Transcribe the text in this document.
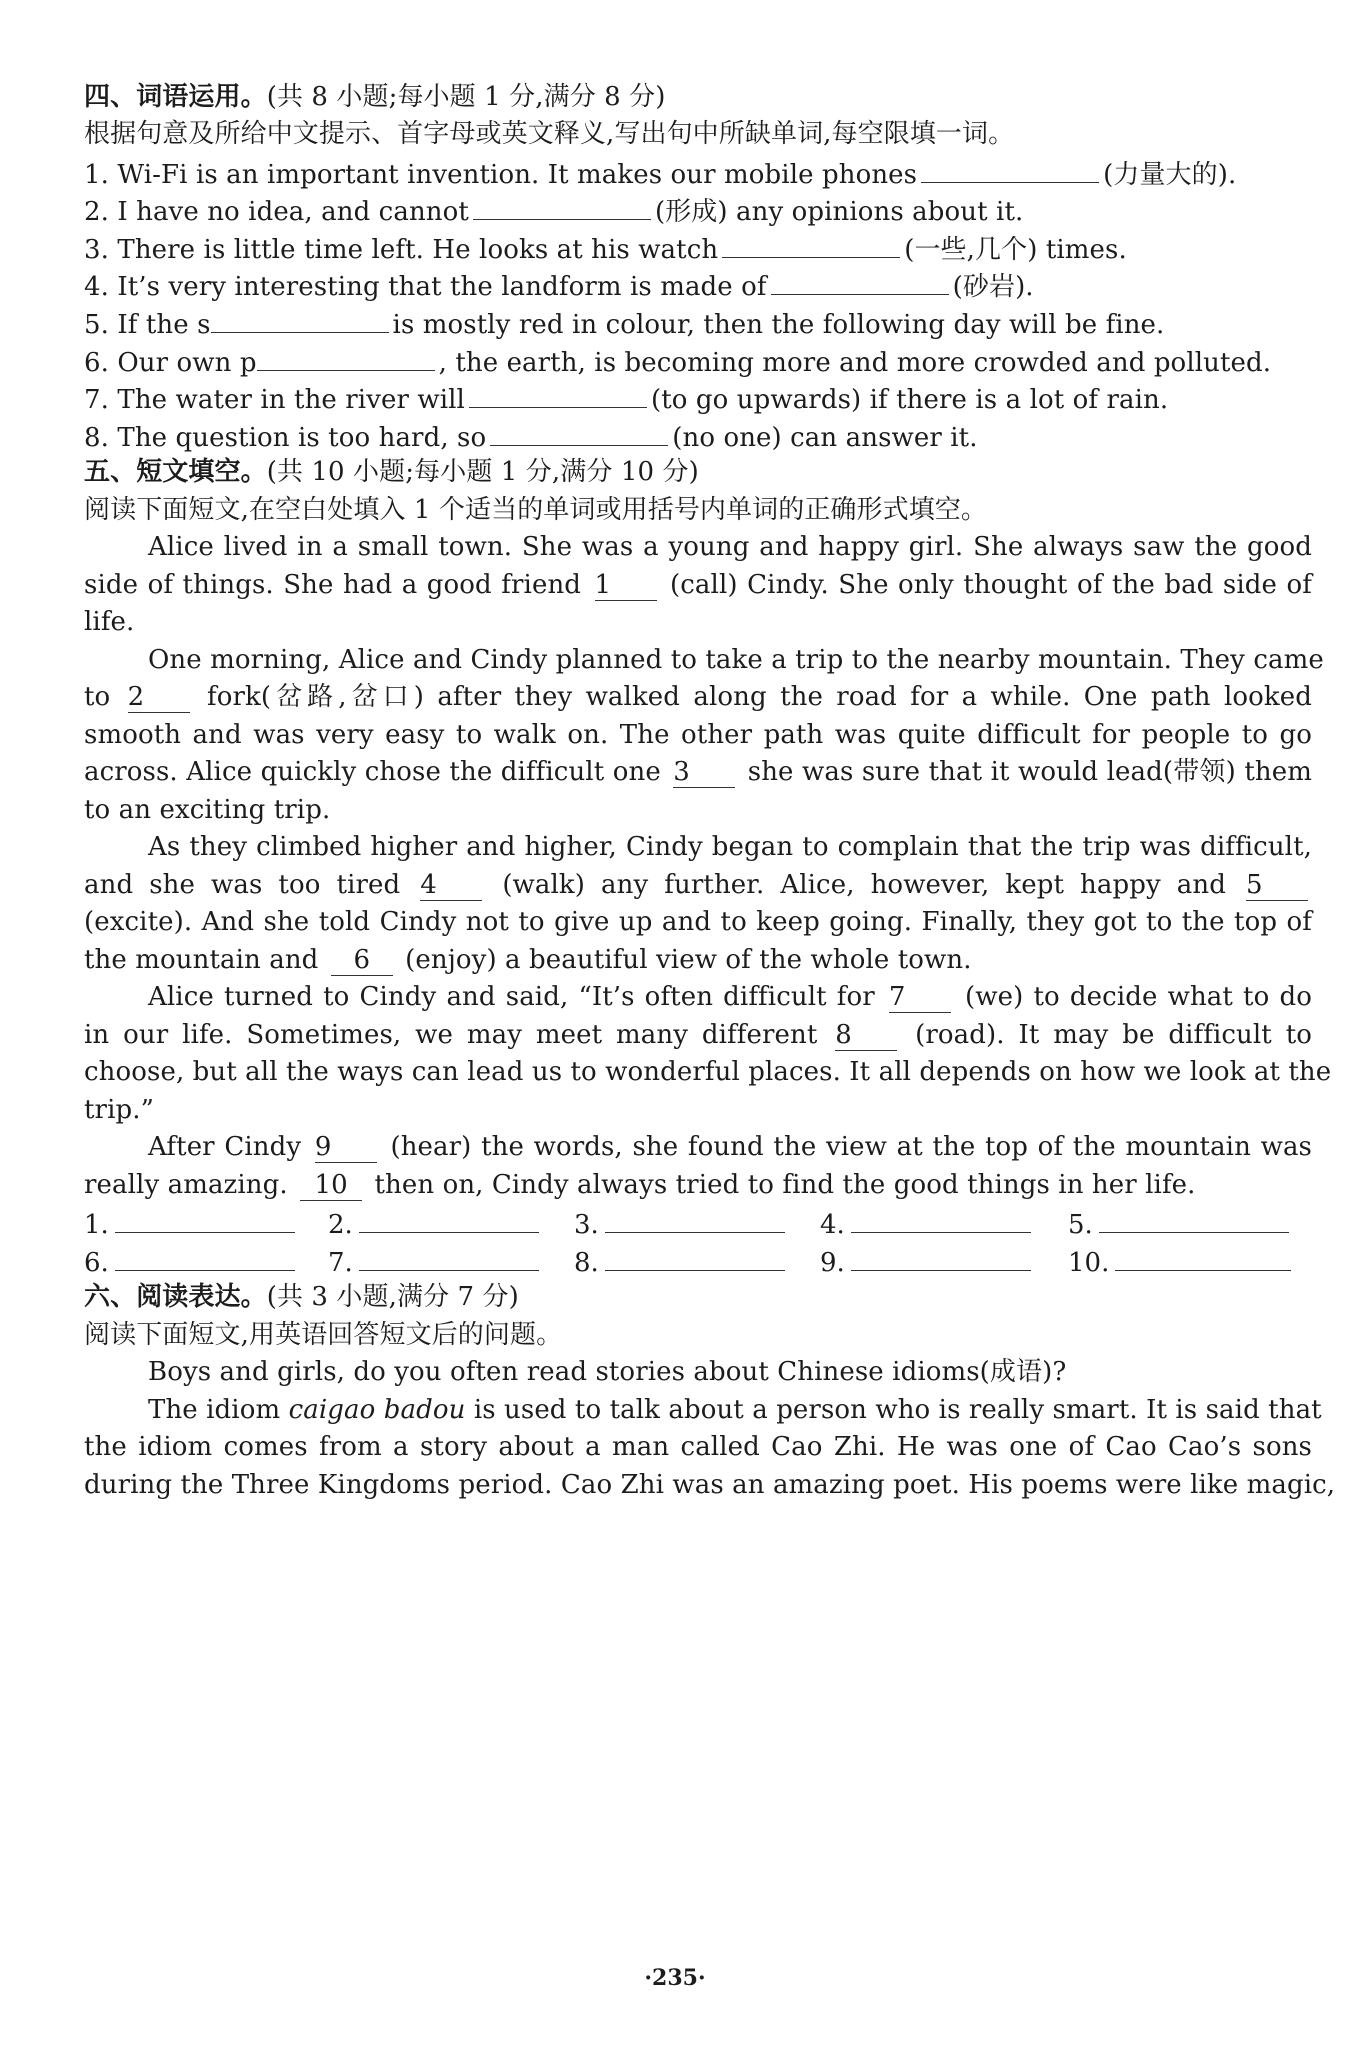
四、词语运用。(共 8 小题;每小题 1 分,满分 8 分)
根据句意及所给中文提示、首字母或英文释义,写出句中所缺单词,每空限填一词。
1. Wi-Fi is an important invention. It makes our mobile phones	(力量大的).
2. I have no idea, and cannot	(形成) any opinions about it.
3. There is little time left. He looks at his watch	(一些,几个) times.
4. It’s very interesting that the landform is made of	(砂岩).
5. If the s	is mostly red in colour, then the following day will be fine.
6. Our own p	, the earth, is becoming more and more crowded and polluted.
7. The water in the river will	(to go upwards) if there is a lot of rain.
8. The question is too hard, so	(no one) can answer it.
五、短文填空。(共 10 小题;每小题 1 分,满分 10 分)
阅读下面短文,在空白处填入 1 个适当的单词或用括号内单词的正确形式填空。
Alice lived in a small town. She was a young and happy girl. She always saw the good
side of things. She had a good friend 1 (call) Cindy. She only thought of the bad side of
life.
One morning, Alice and Cindy planned to take a trip to the nearby mountain. They came
to 2 fork(岔路,岔口) after they walked along the road for a while. One path looked
smooth and was very easy to walk on. The other path was quite difficult for people to go
across. Alice quickly chose the difficult one 3 she was sure that it would lead(带领) them
to an exciting trip.
As they climbed higher and higher, Cindy began to complain that the trip was difficult,
and she was too tired 4	(walk) any further. Alice, however, kept happy and 5
(excite). And she told Cindy not to give up and to keep going. Finally, they got to the top of
the mountain and 6 (enjoy) a beautiful view of the whole town.
Alice turned to Cindy and said, “It’s often difficult for 7 (we) to decide what to do
in our life. Sometimes, we may meet many different 8 (road). It may be difficult to
choose, but all the ways can lead us to wonderful places. It all depends on how we look at the
trip.”
After Cindy 9 (hear) the words, she found the view at the top of the mountain was
really amazing. 10 then on, Cindy always tried to find the good things in her life.
1.	2.	3.	4.	5.
6.	7.	8.	9.	10.
六、阅读表达。(共 3 小题,满分 7 分)
阅读下面短文,用英语回答短文后的问题。
Boys and girls, do you often read stories about Chinese idioms(成语)?
The idiom caigao badou is used to talk about a person who is really smart. It is said that
the idiom comes from a story about a man called Cao Zhi. He was one of Cao Cao’s sons
during the Three Kingdoms period. Cao Zhi was an amazing poet. His poems were like magic,
·235·
